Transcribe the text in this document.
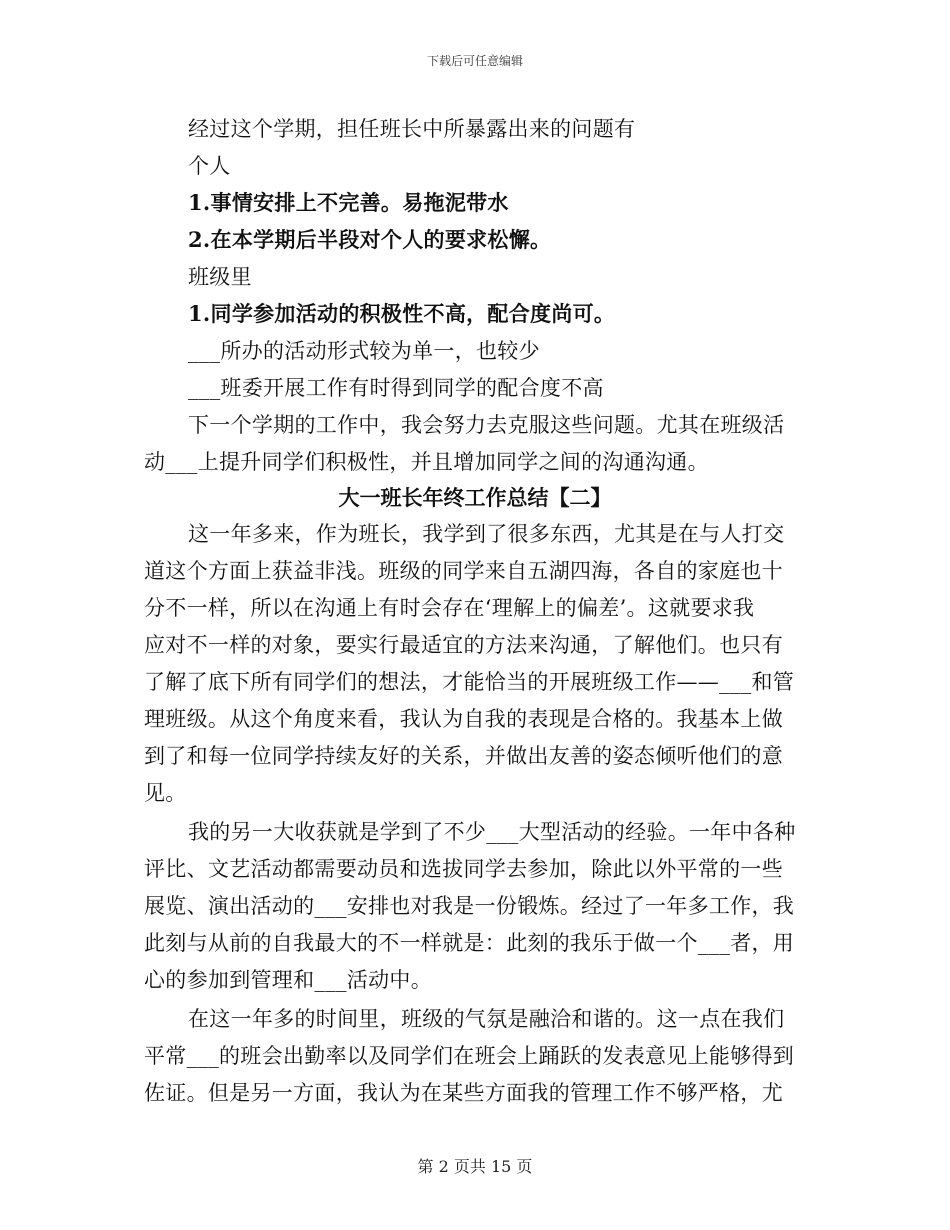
下载后可任意编辑
经过这个学期，担任班长中所暴露出来的问题有
个人
1.事情安排上不完善。易拖泥带水
2.在本学期后半段对个人的要求松懈。
班级里
1.同学参加活动的积极性不高，配合度尚可。
___所办的活动形式较为单一，也较少
___班委开展工作有时得到同学的配合度不高
下一个学期的工作中，我会努力去克服这些问题。尤其在班级活
动___上提升同学们积极性，并且增加同学之间的沟通沟通。
大一班长年终工作总结【二】
这一年多来，作为班长，我学到了很多东西，尤其是在与人打交
道这个方面上获益非浅。班级的同学来自五湖四海，各自的家庭也十
分不一样，所以在沟通上有时会存在‘理解上的偏差’。这就要求我
应对不一样的对象，要实行最适宜的方法来沟通，了解他们。也只有
了解了底下所有同学们的想法，才能恰当的开展班级工作——___和管
理班级。从这个角度来看，我认为自我的表现是合格的。我基本上做
到了和每一位同学持续友好的关系，并做出友善的姿态倾听他们的意
见。
我的另一大收获就是学到了不少___大型活动的经验。一年中各种
评比、文艺活动都需要动员和选拔同学去参加，除此以外平常的一些
展览、演出活动的___安排也对我是一份锻炼。经过了一年多工作，我
此刻与从前的自我最大的不一样就是：此刻的我乐于做一个___者，用
心的参加到管理和___活动中。
在这一年多的时间里，班级的气氛是融洽和谐的。这一点在我们
平常___的班会出勤率以及同学们在班会上踊跃的发表意见上能够得到
佐证。但是另一方面，我认为在某些方面我的管理工作不够严格，尤
第 2 页共 15 页
